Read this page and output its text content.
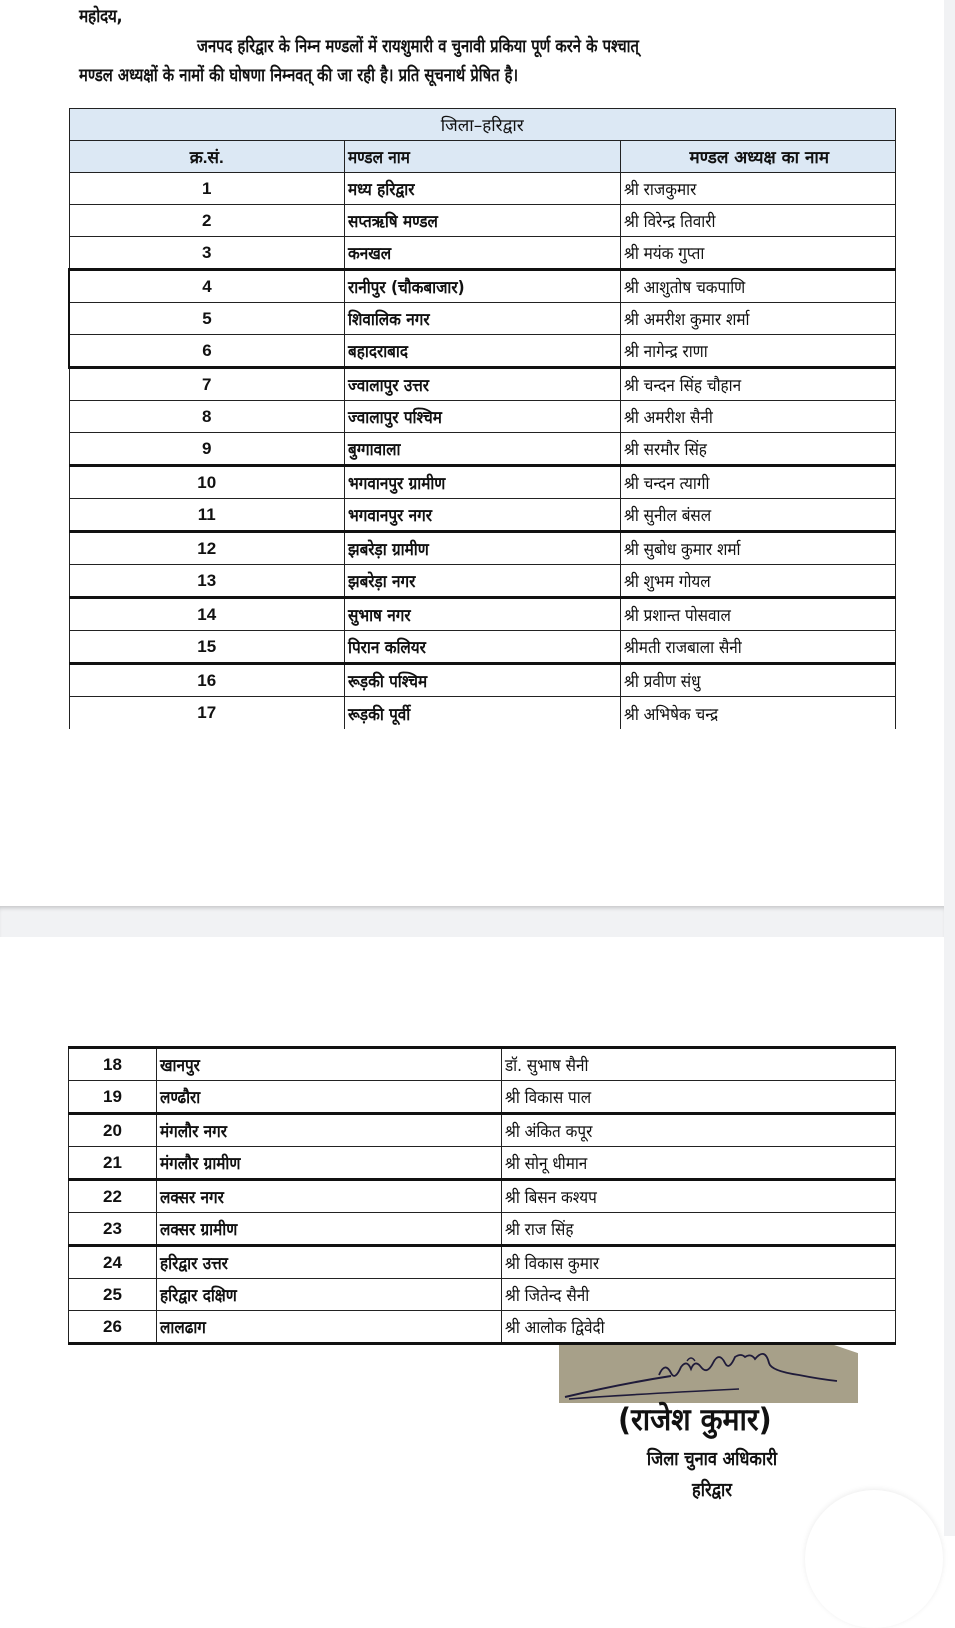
महोदय,
जनपद हरिद्वार के निम्न मण्डलों में रायशुमारी व चुनावी प्रकिया पूर्ण करने के पश्चात्
मण्डल अध्यक्षों के नामों की घोषणा निम्नवत् की जा रही है। प्रति सूचनार्थ प्रेषित है।
जिला–हरिद्वार		
क्र.सं.	मण्डल नाम	मण्डल अध्यक्ष का नाम
1	मध्य हरिद्वार	श्री राजकुमार
2	सप्तऋषि मण्डल	श्री विरेन्द्र तिवारी
3	कनखल	श्री मयंक गुप्ता
4	रानीपुर (चौकबाजार)	श्री आशुतोष चकपाणि
5	शिवालिक नगर	श्री अमरीश कुमार शर्मा
6	बहादराबाद	श्री नागेन्द्र राणा
7	ज्वालापुर उत्तर	श्री चन्दन सिंह चौहान
8	ज्वालापुर पश्चिम	श्री अमरीश सैनी
9	बुग्गावाला	श्री सरमौर सिंह
10	भगवानपुर ग्रामीण	श्री चन्दन त्यागी
11	भगवानपुर नगर	श्री सुनील बंसल
12	झबरेड़ा ग्रामीण	श्री सुबोध कुमार शर्मा
13	झबरेड़ा नगर	श्री शुभम गोयल
14	सुभाष नगर	श्री प्रशान्त पोसवाल
15	पिरान कलियर	श्रीमती राजबाला सैनी
16	रूड़की पश्चिम	श्री प्रवीण संधु
17	रूड़की पूर्वी	श्री अभिषेक चन्द्र
18	खानपुर	डॉ. सुभाष सैनी
19	लण्ढौरा	श्री विकास पाल
20	मंगलौर नगर	श्री अंकित कपूर
21	मंगलौर ग्रामीण	श्री सोनू धीमान
22	लक्सर नगर	श्री बिसन कश्यप
23	लक्सर ग्रामीण	श्री राज सिंह
24	हरिद्वार उत्तर	श्री विकास कुमार
25	हरिद्वार दक्षिण	श्री जितेन्द सैनी
26	लालढाग	श्री आलोक द्विवेदी
(राजेश कुमार)
जिला चुनाव अधिकारी
हरिद्वार
